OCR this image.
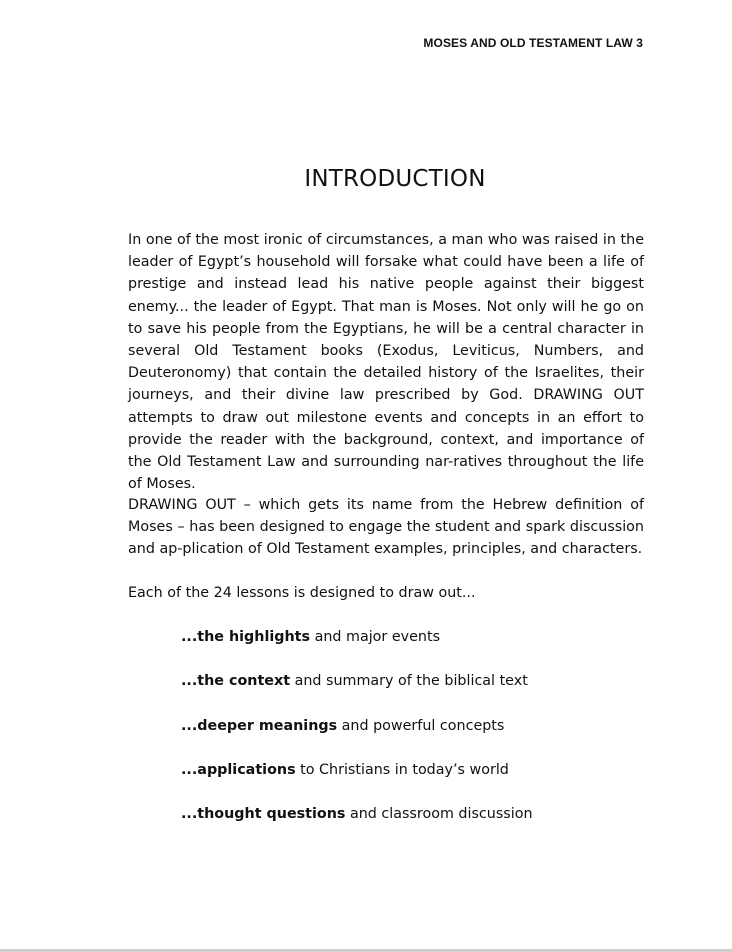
MOSES AND OLD TESTAMENT LAW 3
INTRODUCTION

In one of the most ironic of circumstances, a man who was raised in the leader of Egypt’s household will forsake what could have been a life of prestige and instead lead his native people against their biggest enemy... the leader of Egypt. That man is Moses. Not only will he go on to save his people from the Egyptians, he will be a central character in several Old Testament books (Exodus, Leviticus, Numbers, and Deuteronomy) that contain the detailed history of the Israelites, their journeys, and their divine law prescribed by God. DRAWING OUT attempts to draw out milestone events and concepts in an effort to provide the reader with the background, context, and importance of the Old Testament Law and surrounding nar-ratives throughout the life of Moses.

DRAWING OUT – which gets its name from the Hebrew definition of Moses – has been designed to engage the student and spark discussion and ap-plication of Old Testament examples, principles, and characters.

Each of the 24 lessons is designed to draw out...

...the highlights and major events
...the context and summary of the biblical text
...deeper meanings and powerful concepts
...applications to Christians in today’s world
...thought questions and classroom discussion
